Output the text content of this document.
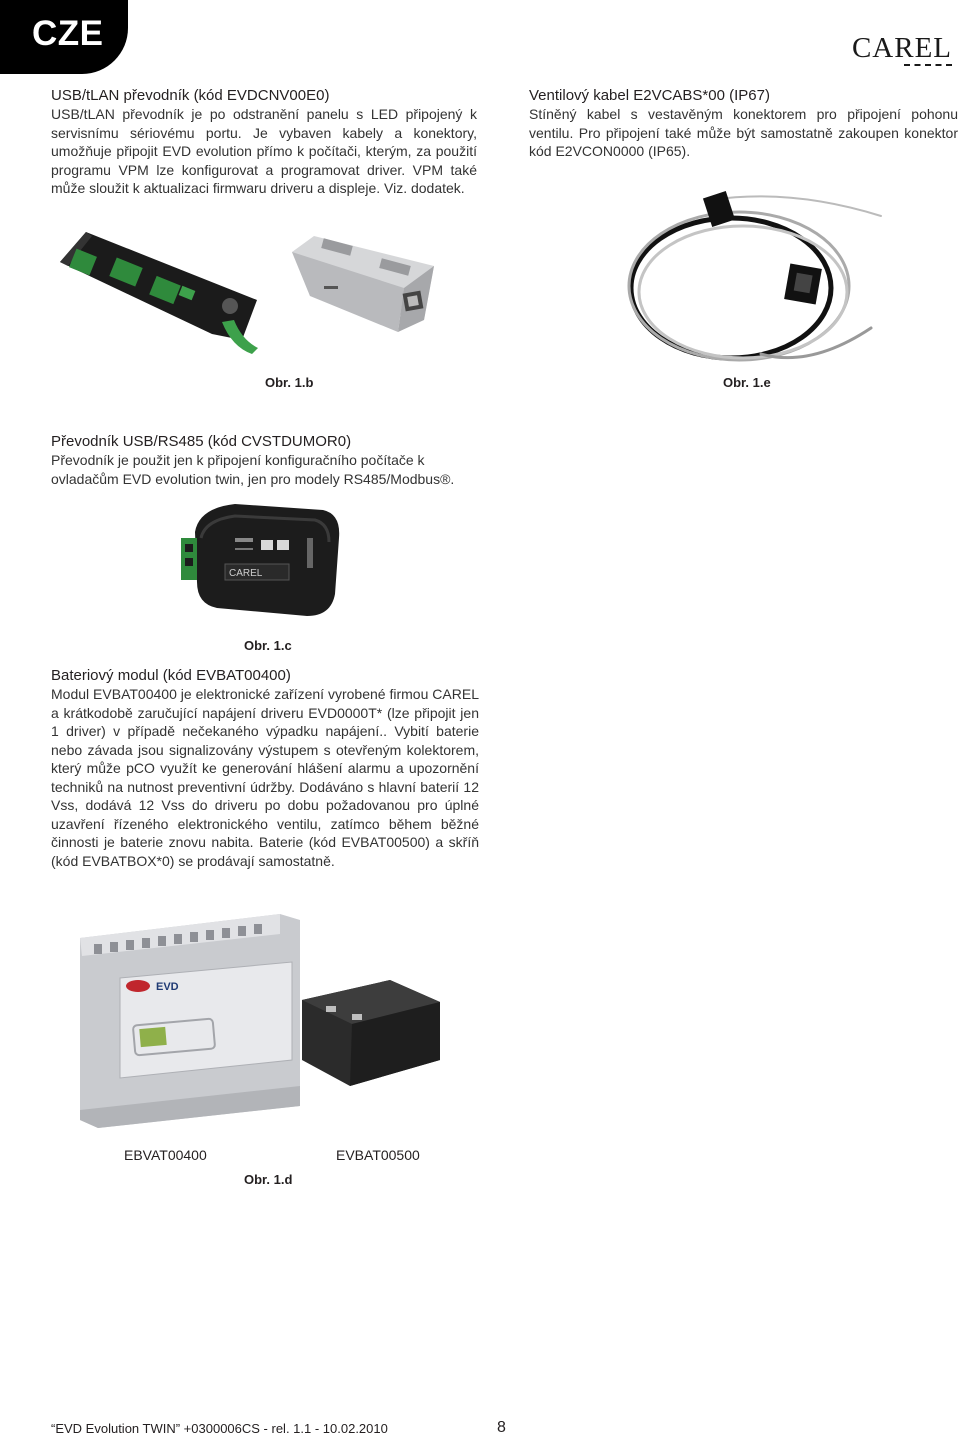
CZE	CAREL

USB/tLAN převodník (kód EVDCNV00E0)

USB/tLAN převodník je po odstranění panelu s LED připojený k servisnímu sériovému portu. Je vybaven kabely a konektory, umožňuje připojit EVD evolution přímo k počítači, kterým, za použití programu VPM lze konfigurovat a programovat driver. VPM také může sloužit k aktualizaci firmwaru driveru a displeje. Viz. dodatek.

Ventilový kabel E2VCABS*00 (IP67)

Stíněný kabel s vestavěným konektorem pro připojení pohonu ventilu. Pro připojení také může být samostatně zakoupen konektor kód E2VCON0000 (IP65).

Obr. 1.b	Obr. 1.e

Převodník USB/RS485 (kód CVSTDUMOR0)

Převodník je použit jen k připojení konfiguračního počítače k ovladačům EVD evolution twin, jen pro modely RS485/Modbus®.

CAREL
Obr. 1.c

Bateriový modul (kód EVBAT00400)

Modul EVBAT00400 je elektronické zařízení vyrobené firmou CAREL a krátkodobě zaručující napájení driveru EVD0000T* (lze připojit jen 1 driver) v případě nečekaného výpadku napájení.. Vybití baterie nebo závada jsou signalizovány výstupem s otevřeným kolektorem, který může pCO využít ke generování hlášení alarmu a upozornění techniků na nutnost preventivní údržby. Dodáváno s hlavní baterií 12 Vss, dodává 12 Vss do driveru po dobu požadovanou pro úplné uzavření řízeného elektronického ventilu, zatímco během běžné činnosti je baterie znovu nabita. Baterie (kód EVBAT00500) a skříň (kód EVBATBOX*0) se prodávají samostatně.

EVD
EBVAT00400	EVBAT00500
Obr. 1.d
“EVD Evolution TWIN” +0300006CS - rel. 1.1 - 10.02.2010	8
